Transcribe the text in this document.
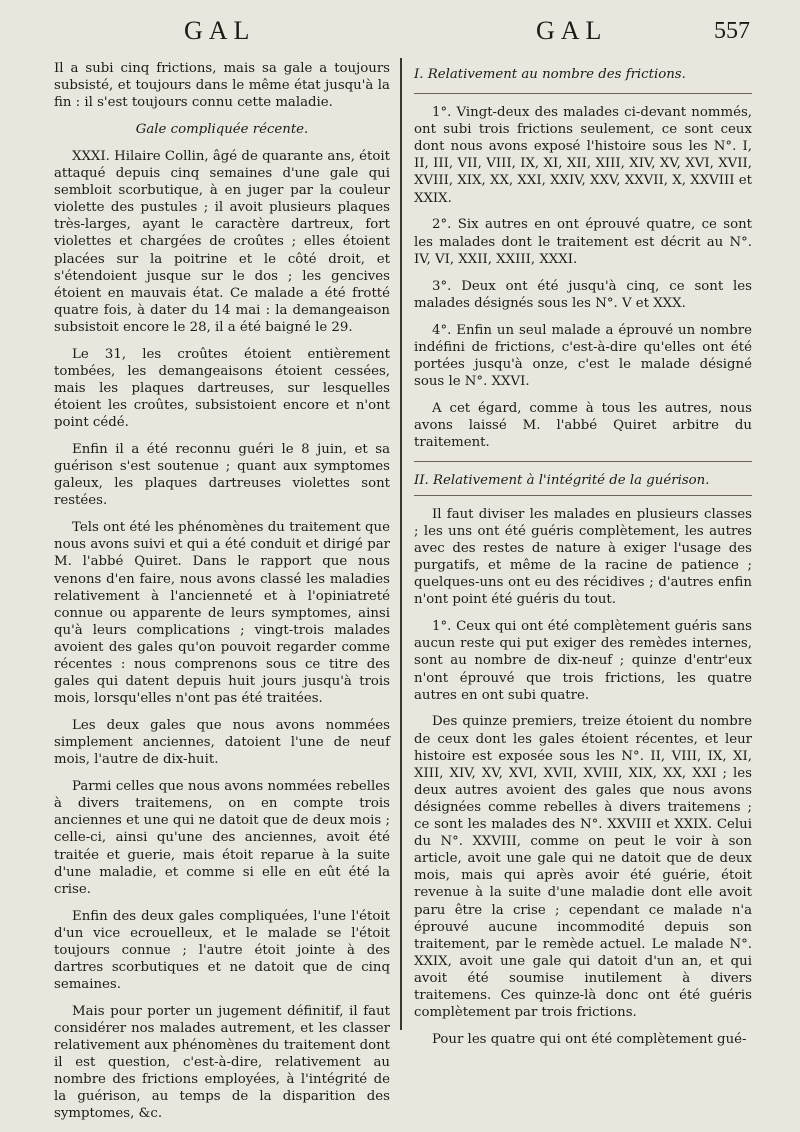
GAL	GAL	557

Il a subi cinq frictions, mais sa gale a toujours subsisté, et toujours dans le même état jusqu'à la fin : il s'est toujours connu cette maladie.

Gale compliquée récente.

XXXI. Hilaire Collin, âgé de quarante ans, étoit attaqué depuis cinq semaines d'une gale qui sembloit scorbutique, à en juger par la couleur violette des pustules ; il avoit plusieurs plaques très-larges, ayant le caractère dartreux, fort violettes et chargées de croûtes ; elles étoient placées sur la poitrine et le côté droit, et s'étendoient jusque sur le dos ; les gencives étoient en mauvais état. Ce malade a été frotté quatre fois, à dater du 14 mai : la demangeaison subsistoit encore le 28, il a été baigné le 29.

Le 31, les croûtes étoient entièrement tombées, les demangeaisons étoient cessées, mais les plaques dartreuses, sur lesquelles étoient les croûtes, subsistoient encore et n'ont point cédé.

Enfin il a été reconnu guéri le 8 juin, et sa guérison s'est soutenue ; quant aux symptomes galeux, les plaques dartreuses violettes sont restées.

Tels ont été les phénomènes du traitement que nous avons suivi et qui a été conduit et dirigé par M. l'abbé Quiret. Dans le rapport que nous venons d'en faire, nous avons classé les maladies relativement à l'ancienneté et à l'opiniatreté connue ou apparente de leurs symptomes, ainsi qu'à leurs complications ; vingt-trois malades avoient des gales qu'on pouvoit regarder comme récentes : nous comprenons sous ce titre des gales qui datent depuis huit jours jusqu'à trois mois, lorsqu'elles n'ont pas été traitées.

Les deux gales que nous avons nommées simplement anciennes, datoient l'une de neuf mois, l'autre de dix-huit.

Parmi celles que nous avons nommées rebelles à divers traitemens, on en compte trois anciennes et une qui ne datoit que de deux mois ; celle-ci, ainsi qu'une des anciennes, avoit été traitée et guerie, mais étoit reparue à la suite d'une maladie, et comme si elle en eût été la crise.

Enfin des deux gales compliquées, l'une l'étoit d'un vice ecrouelleux, et le malade se l'étoit toujours connue ; l'autre étoit jointe à des dartres scorbutiques et ne datoit que de cinq semaines.

Mais pour porter un jugement définitif, il faut considérer nos malades autrement, et les classer relativement aux phénomènes du traitement dont il est question, c'est-à-dire, relativement au nombre des frictions employées, à l'intégrité de la guérison, au temps de la disparition des symptomes, &c.

I. Relativement au nombre des frictions.

1°. Vingt-deux des malades ci-devant nommés, ont subi trois frictions seulement, ce sont ceux dont nous avons exposé l'histoire sous les N°. I, II, III, VII, VIII, IX, XI, XII, XIII, XIV, XV, XVI, XVII, XVIII, XIX, XX, XXI, XXIV, XXV, XXVII, X, XXVIII et XXIX.

2°. Six autres en ont éprouvé quatre, ce sont les malades dont le traitement est décrit au N°. IV, VI, XXII, XXIII, XXXI.

3°. Deux ont été jusqu'à cinq, ce sont les malades désignés sous les N°. V et XXX.

4°. Enfin un seul malade a éprouvé un nombre indéfini de frictions, c'est-à-dire qu'elles ont été portées jusqu'à onze, c'est le malade désigné sous le N°. XXVI.

A cet égard, comme à tous les autres, nous avons laissé M. l'abbé Quiret arbitre du traitement.

II. Relativement à l'intégrité de la guérison.

Il faut diviser les malades en plusieurs classes ; les uns ont été guéris complètement, les autres avec des restes de nature à exiger l'usage des purgatifs, et même de la racine de patience ; quelques-uns ont eu des récidives ; d'autres enfin n'ont point été guéris du tout.

1°. Ceux qui ont été complètement guéris sans aucun reste qui put exiger des remèdes internes, sont au nombre de dix-neuf ; quinze d'entr'eux n'ont éprouvé que trois frictions, les quatre autres en ont subi quatre.

Des quinze premiers, treize étoient du nombre de ceux dont les gales étoient récentes, et leur histoire est exposée sous les N°. II, VIII, IX, XI, XIII, XIV, XV, XVI, XVII, XVIII, XIX, XX, XXI ; les deux autres avoient des gales que nous avons désignées comme rebelles à divers traitemens ; ce sont les malades des N°. XXVIII et XXIX. Celui du N°. XXVIII, comme on peut le voir à son article, avoit une gale qui ne datoit que de deux mois, mais qui après avoir été guérie, étoit revenue à la suite d'une maladie dont elle avoit paru être la crise ; cependant ce malade n'a éprouvé aucune incommodité depuis son traitement, par le remède actuel. Le malade N°. XXIX, avoit une gale qui datoit d'un an, et qui avoit été soumise inutilement à divers traitemens. Ces quinze-là donc ont été guéris complètement par trois frictions.

Pour les quatre qui ont été complètement gué-
